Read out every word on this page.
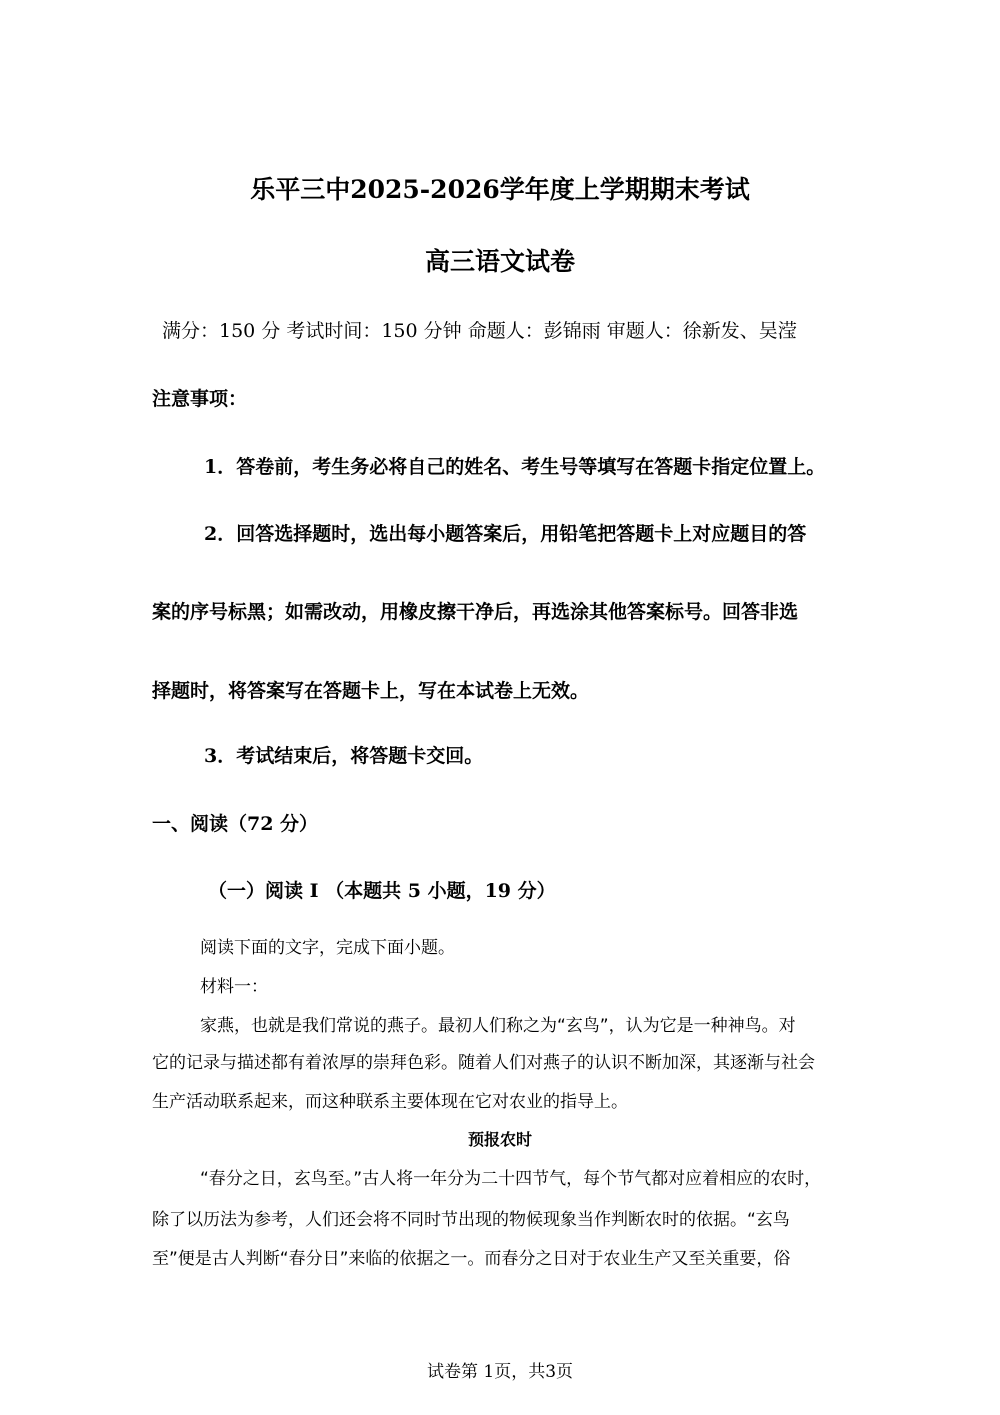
乐平三中2025-2026学年度上学期期末考试
高三语文试卷
满分：150 分 考试时间：150 分钟 命题人：彭锦雨 审题人：徐新发、吴滢
注意事项：
1．答卷前，考生务必将自己的姓名、考生号等填写在答题卡指定位置上。
2．回答选择题时，选出每小题答案后，用铅笔把答题卡上对应题目的答
案的序号标黑；如需改动，用橡皮擦干净后，再选涂其他答案标号。回答非选
择题时，将答案写在答题卡上，写在本试卷上无效。
3．考试结束后，将答题卡交回。
一、阅读（72 分）
（一）阅读 I （本题共 5 小题，19 分）
阅读下面的文字，完成下面小题。
材料一：
家燕，也就是我们常说的燕子。最初人们称之为“玄鸟”，认为它是一种神鸟。对
它的记录与描述都有着浓厚的崇拜色彩。随着人们对燕子的认识不断加深，其逐渐与社会
生产活动联系起来，而这种联系主要体现在它对农业的指导上。
预报农时
“春分之日，玄鸟至。”古人将一年分为二十四节气，每个节气都对应着相应的农时，
除了以历法为参考，人们还会将不同时节出现的物候现象当作判断农时的依据。“玄鸟
至”便是古人判断“春分日”来临的依据之一。而春分之日对于农业生产又至关重要，俗
试卷第 1页，共3页
